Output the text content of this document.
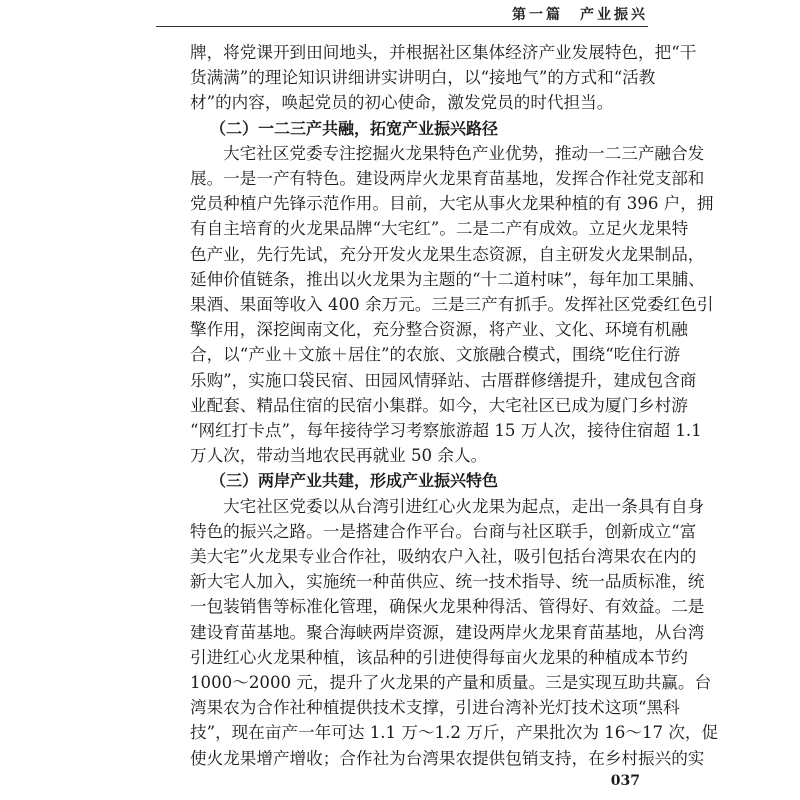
第一篇　产业振兴
牌，将党课开到田间地头，并根据社区集体经济产业发展特色，把“干
货满满”的理论知识讲细讲实讲明白，以“接地气”的方式和“活教
材”的内容，唤起党员的初心使命，激发党员的时代担当。
（二）一二三产共融，拓宽产业振兴路径
大宅社区党委专注挖掘火龙果特色产业优势，推动一二三产融合发
展。一是一产有特色。建设两岸火龙果育苗基地，发挥合作社党支部和
党员种植户先锋示范作用。目前，大宅从事火龙果种植的有 396 户，拥
有自主培育的火龙果品牌“大宅红”。二是二产有成效。立足火龙果特
色产业，先行先试，充分开发火龙果生态资源，自主研发火龙果制品，
延伸价值链条，推出以火龙果为主题的“十二道村味”，每年加工果脯、
果酒、果面等收入 400 余万元。三是三产有抓手。发挥社区党委红色引
擎作用，深挖闽南文化，充分整合资源，将产业、文化、环境有机融
合，以“产业＋文旅＋居住”的农旅、文旅融合模式，围绕“吃住行游
乐购”，实施口袋民宿、田园风情驿站、古厝群修缮提升，建成包含商
业配套、精品住宿的民宿小集群。如今，大宅社区已成为厦门乡村游
“网红打卡点”，每年接待学习考察旅游超 15 万人次，接待住宿超 1.1
万人次，带动当地农民再就业 50 余人。
（三）两岸产业共建，形成产业振兴特色
大宅社区党委以从台湾引进红心火龙果为起点，走出一条具有自身
特色的振兴之路。一是搭建合作平台。台商与社区联手，创新成立“富
美大宅”火龙果专业合作社，吸纳农户入社，吸引包括台湾果农在内的
新大宅人加入，实施统一种苗供应、统一技术指导、统一品质标准，统
一包装销售等标准化管理，确保火龙果种得活、管得好、有效益。二是
建设育苗基地。聚合海峡两岸资源，建设两岸火龙果育苗基地，从台湾
引进红心火龙果种植，该品种的引进使得每亩火龙果的种植成本节约
1000～2000 元，提升了火龙果的产量和质量。三是实现互助共赢。台
湾果农为合作社种植提供技术支撑，引进台湾补光灯技术这项“黑科
技”，现在亩产一年可达 1.1 万～1.2 万斤，产果批次为 16～17 次，促
使火龙果增产增收；合作社为台湾果农提供包销支持，在乡村振兴的实
037
